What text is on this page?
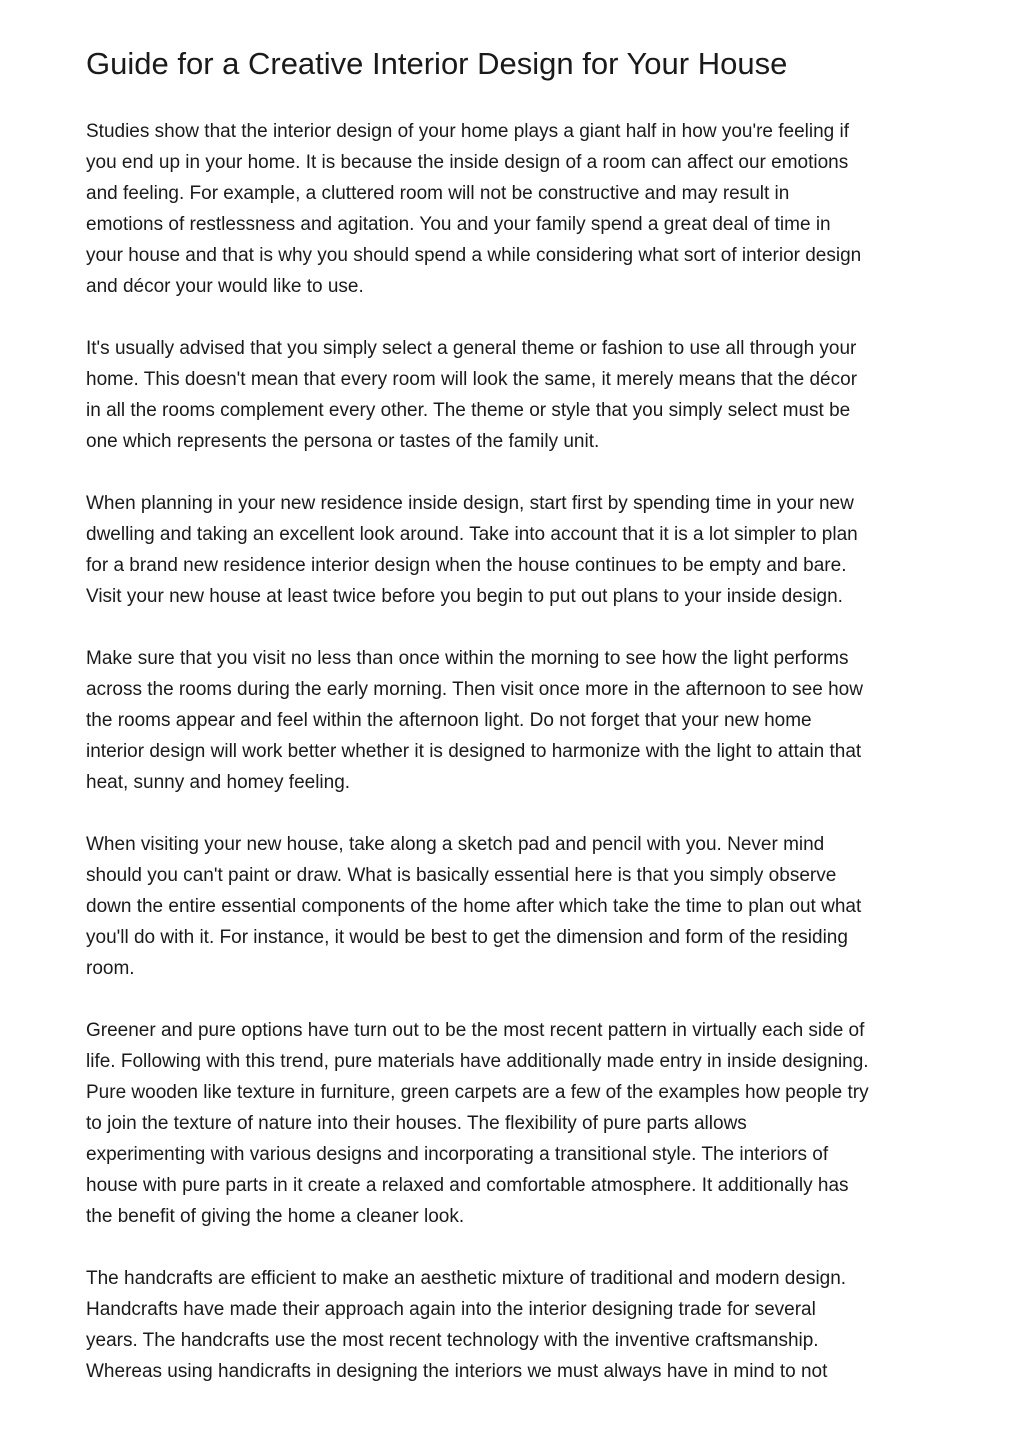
Guide for a Creative Interior Design for Your House
Studies show that the interior design of your home plays a giant half in how you're feeling if
you end up in your home. It is because the inside design of a room can affect our emotions
and feeling. For example, a cluttered room will not be constructive and may result in
emotions of restlessness and agitation. You and your family spend a great deal of time in
your house and that is why you should spend a while considering what sort of interior design
and décor your would like to use.
It's usually advised that you simply select a general theme or fashion to use all through your
home. This doesn't mean that every room will look the same, it merely means that the décor
in all the rooms complement every other. The theme or style that you simply select must be
one which represents the persona or tastes of the family unit.
When planning in your new residence inside design, start first by spending time in your new
dwelling and taking an excellent look around. Take into account that it is a lot simpler to plan
for a brand new residence interior design when the house continues to be empty and bare.
Visit your new house at least twice before you begin to put out plans to your inside design.
Make sure that you visit no less than once within the morning to see how the light performs
across the rooms during the early morning. Then visit once more in the afternoon to see how
the rooms appear and feel within the afternoon light. Do not forget that your new home
interior design will work better whether it is designed to harmonize with the light to attain that
heat, sunny and homey feeling.
When visiting your new house, take along a sketch pad and pencil with you. Never mind
should you can't paint or draw. What is basically essential here is that you simply observe
down the entire essential components of the home after which take the time to plan out what
you'll do with it. For instance, it would be best to get the dimension and form of the residing
room.
Greener and pure options have turn out to be the most recent pattern in virtually each side of
life. Following with this trend, pure materials have additionally made entry in inside designing.
Pure wooden like texture in furniture, green carpets are a few of the examples how people try
to join the texture of nature into their houses. The flexibility of pure parts allows
experimenting with various designs and incorporating a transitional style. The interiors of
house with pure parts in it create a relaxed and comfortable atmosphere. It additionally has
the benefit of giving the home a cleaner look.
The handcrafts are efficient to make an aesthetic mixture of traditional and modern design.
Handcrafts have made their approach again into the interior designing trade for several
years. The handcrafts use the most recent technology with the inventive craftsmanship.
Whereas using handicrafts in designing the interiors we must always have in mind to not
